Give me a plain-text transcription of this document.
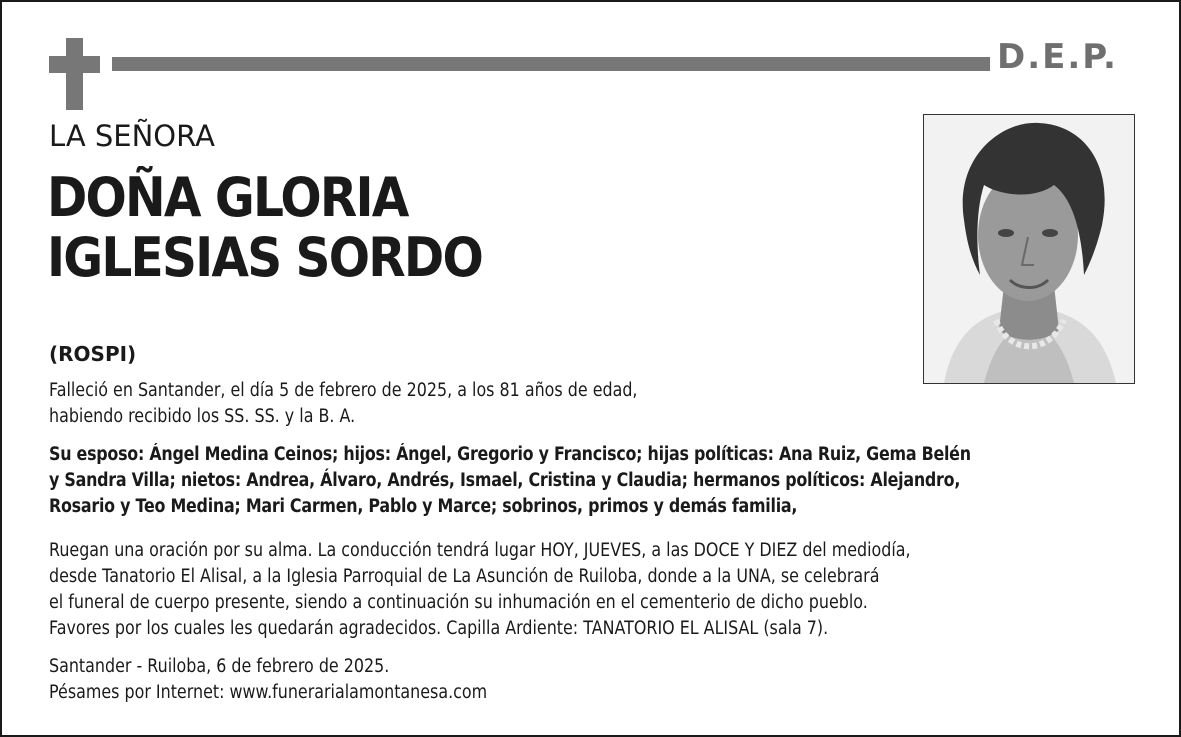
D.E.P.
LA SEÑORA
DOÑA GLORIA
IGLESIAS SORDO
(ROSPI)
Falleció en Santander, el día 5 de febrero de 2025, a los 81 años de edad,
habiendo recibido los SS. SS. y la B. A.
Su esposo: Ángel Medina Ceinos; hijos: Ángel, Gregorio y Francisco; hijas políticas: Ana Ruiz, Gema Belén
y Sandra Villa; nietos: Andrea, Álvaro, Andrés, Ismael, Cristina y Claudia; hermanos políticos: Alejandro,
Rosario y Teo Medina; Mari Carmen, Pablo y Marce; sobrinos, primos y demás familia,
Ruegan una oración por su alma. La conducción tendrá lugar HOY, JUEVES, a las DOCE Y DIEZ del mediodía,
desde Tanatorio El Alisal, a la Iglesia Parroquial de La Asunción de Ruiloba, donde a la UNA, se celebrará
el funeral de cuerpo presente, siendo a continuación su inhumación en el cementerio de dicho pueblo.
Favores por los cuales les quedarán agradecidos. Capilla Ardiente: TANATORIO EL ALISAL (sala 7).
Santander - Ruiloba, 6 de febrero de 2025.
Pésames por Internet: www.funerarialamontanesa.com
